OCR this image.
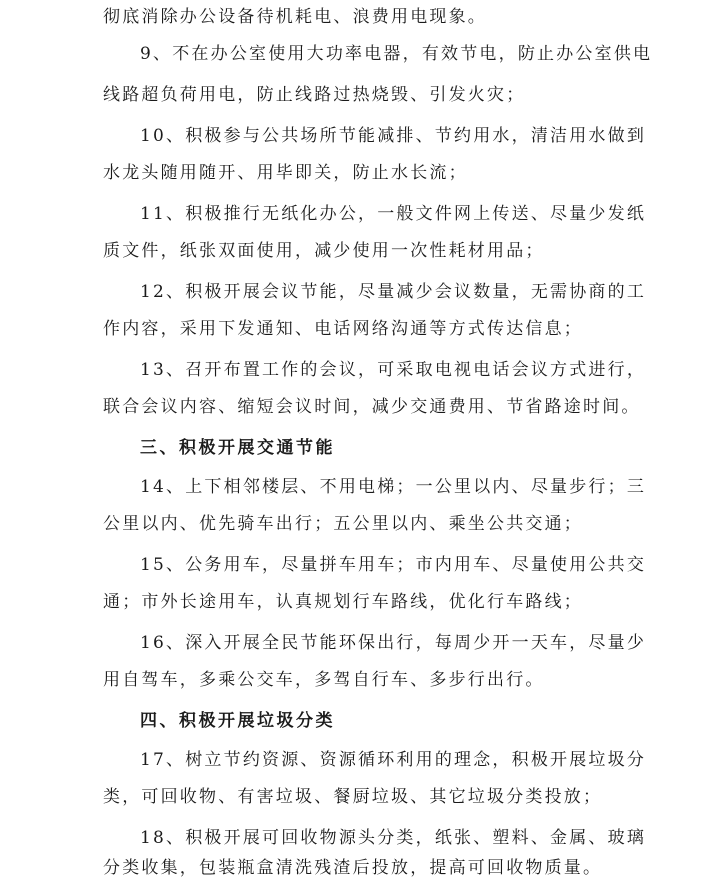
彻底消除办公设备待机耗电、浪费用电现象。
9、不在办公室使用大功率电器，有效节电，防止办公室供电
线路超负荷用电，防止线路过热烧毁、引发火灾；
10、积极参与公共场所节能减排、节约用水，清洁用水做到
水龙头随用随开、用毕即关，防止水长流；
11、积极推行无纸化办公，一般文件网上传送、尽量少发纸
质文件，纸张双面使用，减少使用一次性耗材用品；
12、积极开展会议节能，尽量减少会议数量，无需协商的工
作内容，采用下发通知、电话网络沟通等方式传达信息；
13、召开布置工作的会议，可采取电视电话会议方式进行，
联合会议内容、缩短会议时间，减少交通费用、节省路途时间。
三、积极开展交通节能
14、上下相邻楼层、不用电梯；一公里以内、尽量步行；三
公里以内、优先骑车出行；五公里以内、乘坐公共交通；
15、公务用车，尽量拼车用车；市内用车、尽量使用公共交
通；市外长途用车，认真规划行车路线，优化行车路线；
16、深入开展全民节能环保出行，每周少开一天车，尽量少
用自驾车，多乘公交车，多驾自行车、多步行出行。
四、积极开展垃圾分类
17、树立节约资源、资源循环利用的理念，积极开展垃圾分
类，可回收物、有害垃圾、餐厨垃圾、其它垃圾分类投放；
18、积极开展可回收物源头分类，纸张、塑料、金属、玻璃
分类收集，包装瓶盒清洗残渣后投放，提高可回收物质量。
